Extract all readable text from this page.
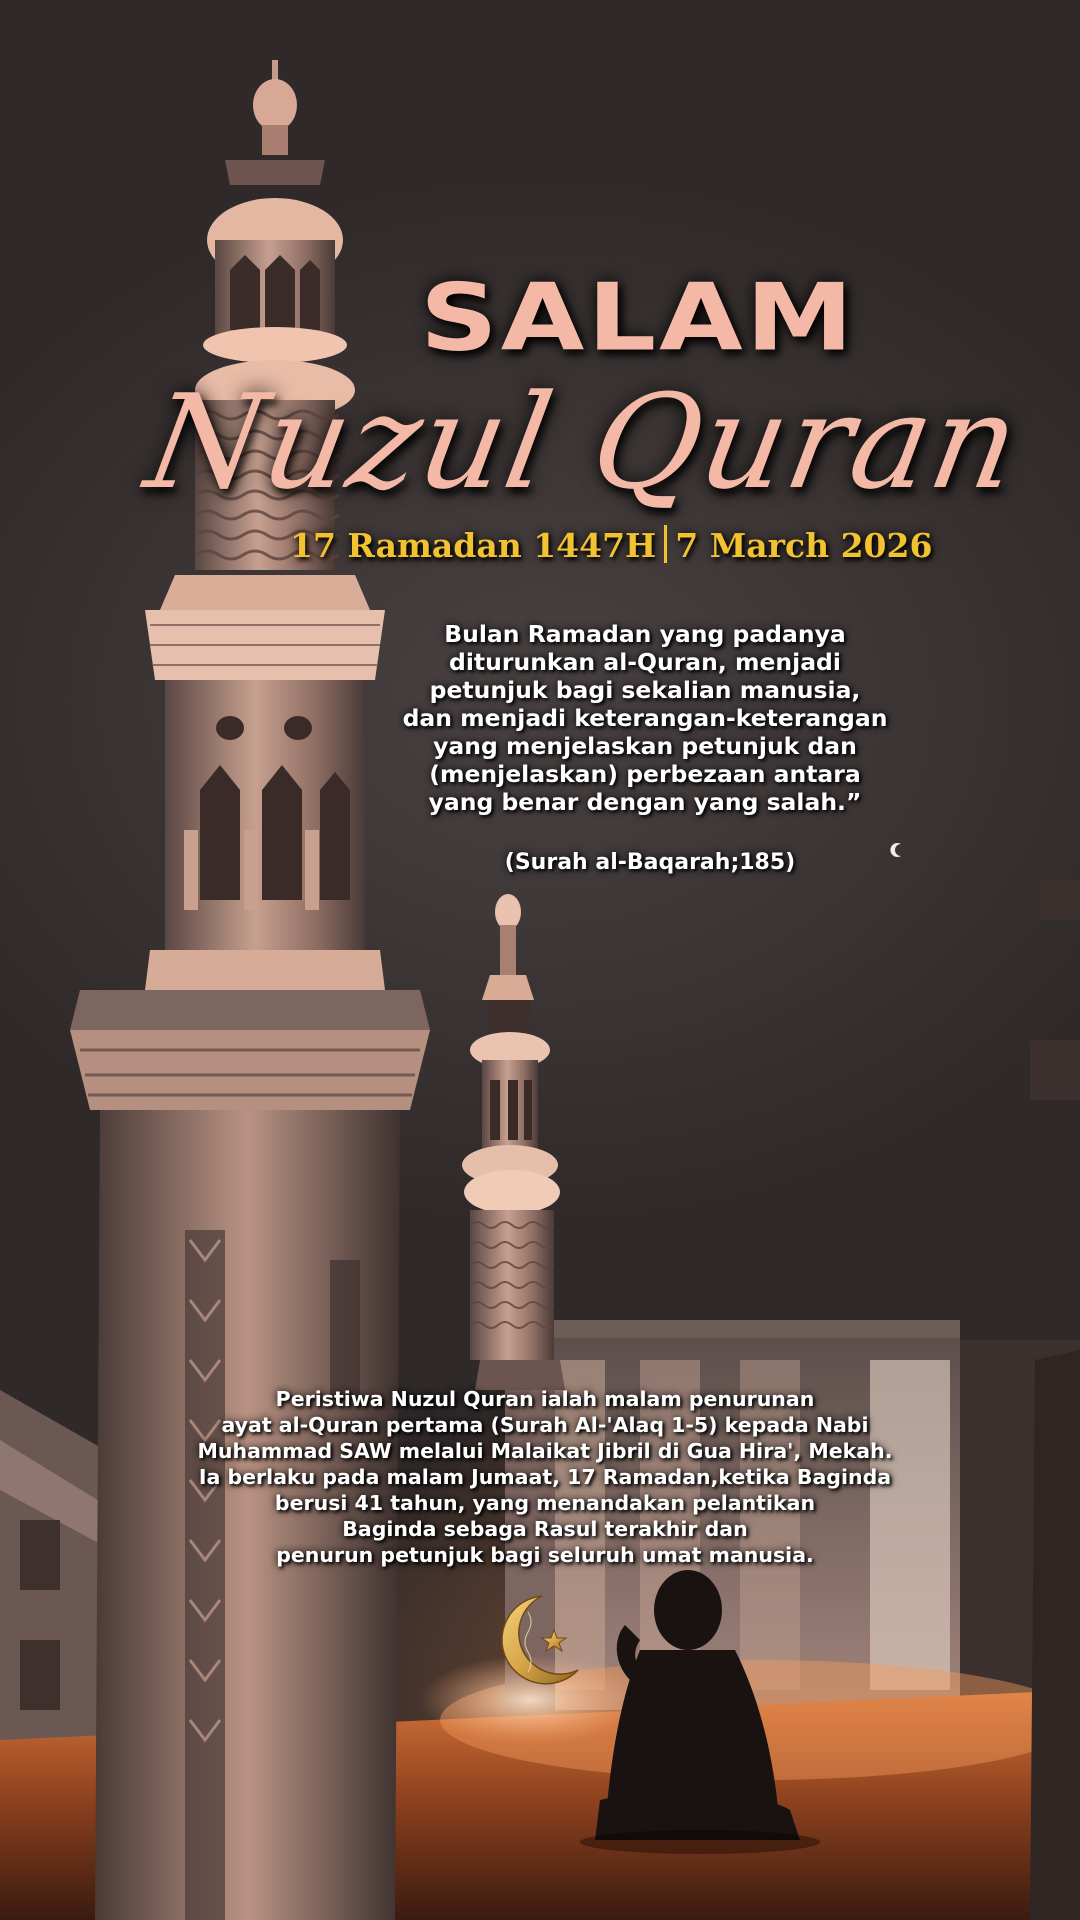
SALAM
Nuzul Quran
17 Ramadan 1447H 7 March 2026
Bulan Ramadan yang padanya
diturunkan al-Quran, menjadi
petunjuk bagi sekalian manusia,
dan menjadi keterangan-keterangan
yang menjelaskan petunjuk dan
(menjelaskan) perbezaan antara
yang benar dengan yang salah.”
(Surah al-Baqarah;185)
Peristiwa Nuzul Quran ialah malam penurunan
ayat al-Quran pertama (Surah Al-'Alaq 1-5) kepada Nabi
Muhammad SAW melalui Malaikat Jibril di Gua Hira', Mekah.
Ia berlaku pada malam Jumaat, 17 Ramadan,ketika Baginda
berusi 41 tahun, yang menandakan pelantikan
Baginda sebaga Rasul terakhir dan
penurun petunjuk bagi seluruh umat manusia.
